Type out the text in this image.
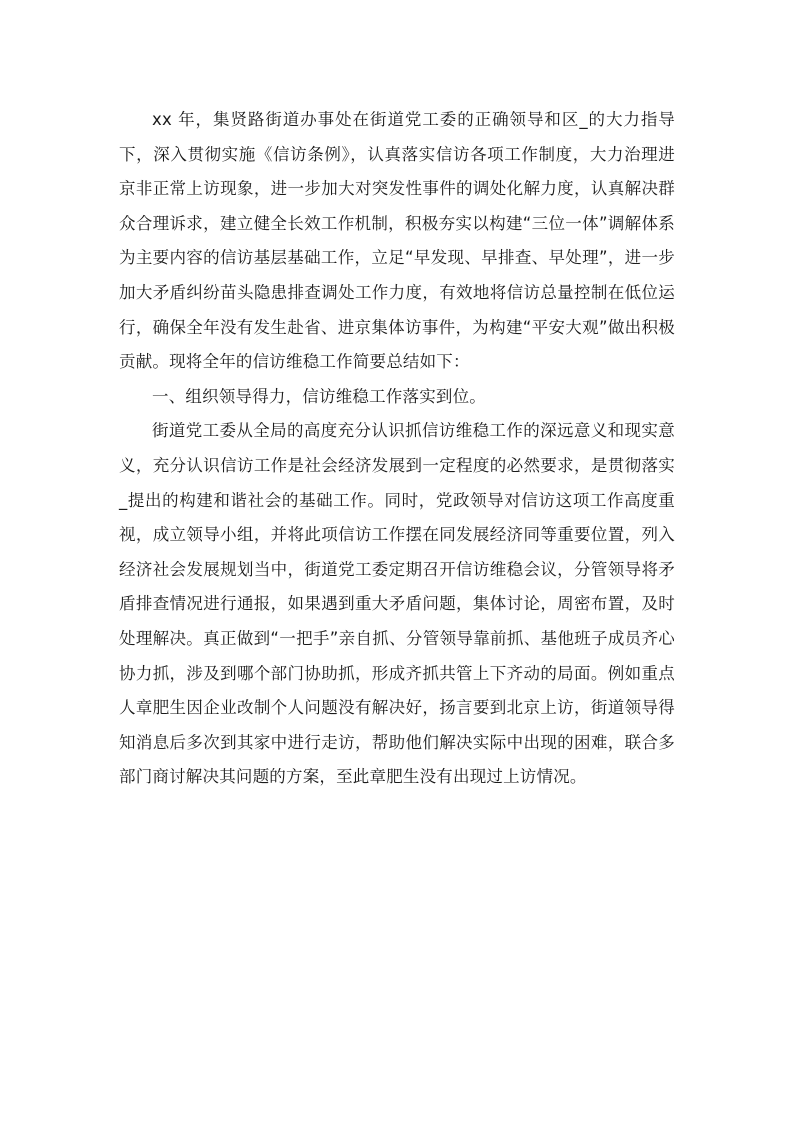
xx 年，集贤路街道办事处在街道党工委的正确领导和区_的大力指导下，深入贯彻实施《信访条例》，认真落实信访各项工作制度，大力治理进京非正常上访现象，进一步加大对突发性事件的调处化解力度，认真解决群众合理诉求，建立健全长效工作机制，积极夯实以构建“三位一体”调解体系为主要内容的信访基层基础工作，立足“早发现、早排查、早处理”，进一步加大矛盾纠纷苗头隐患排查调处工作力度，有效地将信访总量控制在低位运行，确保全年没有发生赴省、进京集体访事件，为构建“平安大观”做出积极贡献。现将全年的信访维稳工作简要总结如下：

一、组织领导得力，信访维稳工作落实到位。

街道党工委从全局的高度充分认识抓信访维稳工作的深远意义和现实意义，充分认识信访工作是社会经济发展到一定程度的必然要求，是贯彻落实_提出的构建和谐社会的基础工作。同时，党政领导对信访这项工作高度重视，成立领导小组，并将此项信访工作摆在同发展经济同等重要位置，列入经济社会发展规划当中，街道党工委定期召开信访维稳会议，分管领导将矛盾排查情况进行通报，如果遇到重大矛盾问题，集体讨论，周密布置，及时处理解决。真正做到“一把手”亲自抓、分管领导靠前抓、基他班子成员齐心协力抓，涉及到哪个部门协助抓，形成齐抓共管上下齐动的局面。例如重点人章肥生因企业改制个人问题没有解决好，扬言要到北京上访，街道领导得知消息后多次到其家中进行走访，帮助他们解决实际中出现的困难，联合多部门商讨解决其问题的方案，至此章肥生没有出现过上访情况。
